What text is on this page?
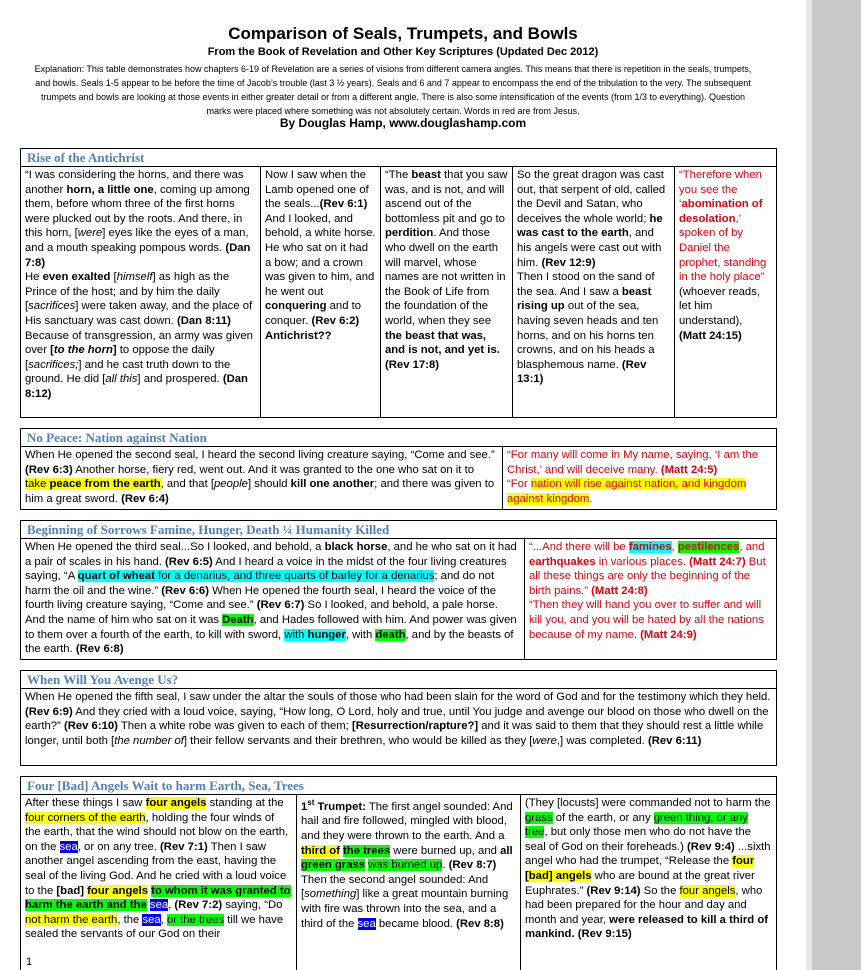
Comparison of Seals, Trumpets, and Bowls
From the Book of Revelation and Other Key Scriptures (Updated Dec 2012)
Explanation: This table demonstrates how chapters 6-19 of Revelation are a series of visions from different camera angles. This means that there is repetition in the seals, trumpets, and bowls. Seals 1-5 appear to be before the time of Jacob’s trouble (last 3 ½ years). Seals and 6 and 7 appear to encompass the end of the tribulation to the very. The subsequent trumpets and bowls are looking at those events in either greater detail or from a different angle. There is also some intensification of the events (from 1/3 to everything). Question marks were placed where something was not absolutely certain. Words in red are from Jesus.
By Douglas Hamp, www.douglashamp.com
Rise of the Antichrist
“I was considering the horns, and there was another horn, a little one, coming up among them, before whom three of the first horns were plucked out by the roots. And there, in this horn, [were] eyes like the eyes of a man, and a mouth speaking pompous words. (Dan 7:8)
He even exalted [himself] as high as the Prince of the host; and by him the daily [sacrifices] were taken away, and the place of His sanctuary was cast down. (Dan 8:11) Because of transgression, an army was given over [to the horn] to oppose the daily [sacrifices;] and he cast truth down to the ground. He did [all this] and prospered. (Dan 8:12)
Now I saw when the Lamb opened one of the seals...(Rev 6:1) And I looked, and behold, a white horse. He who sat on it had a bow; and a crown was given to him, and he went out conquering and to conquer. (Rev 6:2)
Antichrist??
“The beast that you saw was, and is not, and will ascend out of the bottomless pit and go to perdition. And those who dwell on the earth will marvel, whose names are not written in the Book of Life from the foundation of the world, when they see the beast that was, and is not, and yet is. (Rev 17:8)
So the great dragon was cast out, that serpent of old, called the Devil and Satan, who deceives the whole world; he was cast to the earth, and his angels were cast out with him. (Rev 12:9)
Then I stood on the sand of the sea. And I saw a beast rising up out of the sea, having seven heads and ten horns, and on his horns ten crowns, and on his heads a blasphemous name. (Rev 13:1)
“Therefore when you see the ‘abomination of desolation,’ spoken of by Daniel the prophet, standing in the holy place” (whoever reads, let him understand), (Matt 24:15)
No Peace: Nation against Nation
When He opened the second seal, I heard the second living creature saying, “Come and see.” (Rev 6:3) Another horse, fiery red, went out. And it was granted to the one who sat on it to take peace from the earth, and that [people] should kill one another; and there was given to him a great sword. (Rev 6:4)
“For many will come in My name, saying, ‘I am the Christ,’ and will deceive many. (Matt 24:5)
“For nation will rise against nation, and kingdom against kingdom.
Beginning of Sorrows Famine, Hunger, Death ¼ Humanity Killed
When He opened the third seal...So I looked, and behold, a black horse, and he who sat on it had a pair of scales in his hand. (Rev 6:5) And I heard a voice in the midst of the four living creatures saying, “A quart of wheat for a denarius, and three quarts of barley for a denarius; and do not harm the oil and the wine.” (Rev 6:6) When He opened the fourth seal, I heard the voice of the fourth living creature saying, “Come and see.” (Rev 6:7) So I looked, and behold, a pale horse. And the name of him who sat on it was Death, and Hades followed with him. And power was given to them over a fourth of the earth, to kill with sword, with hunger, with death, and by the beasts of the earth. (Rev 6:8)
“...And there will be famines, pestilences, and earthquakes in various places. (Matt 24:7) But all these things are only the beginning of the birth pains.” (Matt 24:8)
“Then they will hand you over to suffer and will kill you, and you will be hated by all the nations because of my name. (Matt 24:9)
When Will You Avenge Us?
When He opened the fifth seal, I saw under the altar the souls of those who had been slain for the word of God and for the testimony which they held. (Rev 6:9) And they cried with a loud voice, saying, “How long, O Lord, holy and true, until You judge and avenge our blood on those who dwell on the earth?” (Rev 6:10) Then a white robe was given to each of them; [Resurrection/rapture?] and it was said to them that they should rest a little while longer, until both [the number of] their fellow servants and their brethren, who would be killed as they [were,] was completed. (Rev 6:11)
Four [Bad] Angels Wait to harm Earth, Sea, Trees
After these things I saw four angels standing at the four corners of the earth, holding the four winds of the earth, that the wind should not blow on the earth, on the sea, or on any tree. (Rev 7:1) Then I saw another angel ascending from the east, having the seal of the living God. And he cried with a loud voice to the [bad] four angels to whom it was granted to harm the earth and the sea, (Rev 7:2) saying, “Do not harm the earth, the sea, or the trees till we have sealed the servants of our God on their
1st Trumpet: The first angel sounded: And hail and fire followed, mingled with blood, and they were thrown to the earth. And a third of the trees were burned up, and all green grass was burned up. (Rev 8:7) Then the second angel sounded: And [something] like a great mountain burning with fire was thrown into the sea, and a third of the sea became blood. (Rev 8:8)
(They [locusts] were commanded not to harm the grass of the earth, or any green thing, or any tree, but only those men who do not have the seal of God on their foreheads.) (Rev 9:4) ...sixth angel who had the trumpet, “Release the four [bad] angels who are bound at the great river Euphrates.” (Rev 9:14) So the four angels, who had been prepared for the hour and day and month and year, were released to kill a third of mankind. (Rev 9:15)
1
